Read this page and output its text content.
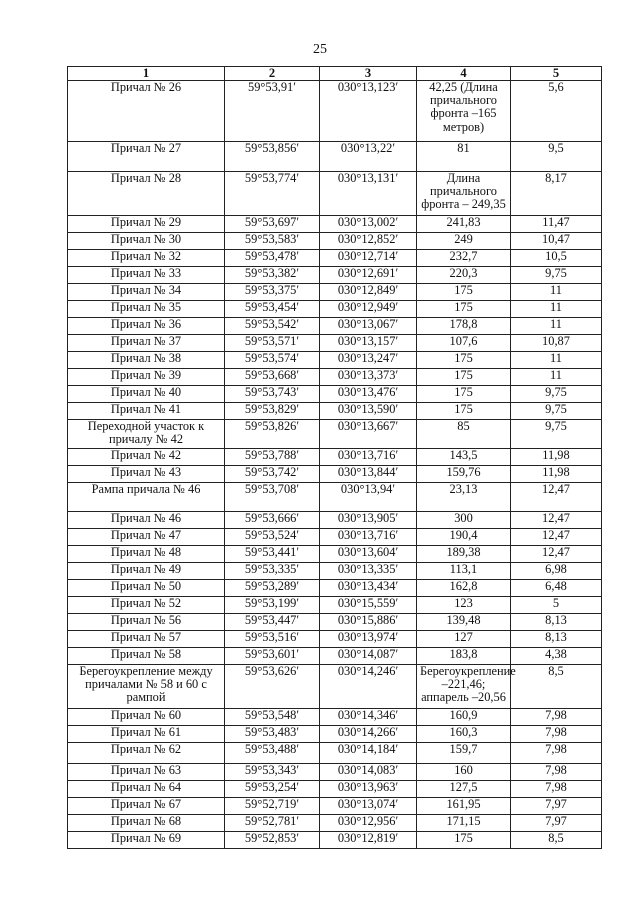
25
1	2	3	4	5
Причал № 26	59°53,91′	030°13,123′	42,25 (Длина причального фронта –165 метров)	5,6
Причал № 27	59°53,856′	030°13,22′	81	9,5
Причал № 28	59°53,774′	030°13,131′	Длина причального фронта – 249,35	8,17
Причал № 29	59°53,697′	030°13,002′	241,83	11,47
Причал № 30	59°53,583′	030°12,852′	249	10,47
Причал № 32	59°53,478′	030°12,714′	232,7	10,5
Причал № 33	59°53,382′	030°12,691′	220,3	9,75
Причал № 34	59°53,375′	030°12,849′	175	11
Причал № 35	59°53,454′	030°12,949′	175	11
Причал № 36	59°53,542′	030°13,067′	178,8	11
Причал № 37	59°53,571′	030°13,157′	107,6	10,87
Причал № 38	59°53,574′	030°13,247′	175	11
Причал № 39	59°53,668′	030°13,373′	175	11
Причал № 40	59°53,743′	030°13,476′	175	9,75
Причал № 41	59°53,829′	030°13,590′	175	9,75
Переходной участок к причалу № 42	59°53,826′	030°13,667′	85	9,75
Причал № 42	59°53,788′	030°13,716′	143,5	11,98
Причал № 43	59°53,742′	030°13,844′	159,76	11,98
Рампа причала № 46	59°53,708′	030°13,94′	23,13	12,47
Причал № 46	59°53,666′	030°13,905′	300	12,47
Причал № 47	59°53,524′	030°13,716′	190,4	12,47
Причал № 48	59°53,441′	030°13,604′	189,38	12,47
Причал № 49	59°53,335′	030°13,335′	113,1	6,98
Причал № 50	59°53,289′	030°13,434′	162,8	6,48
Причал № 52	59°53,199′	030°15,559′	123	5
Причал № 56	59°53,447′	030°15,886′	139,48	8,13
Причал № 57	59°53,516′	030°13,974′	127	8,13
Причал № 58	59°53,601′	030°14,087′	183,8	4,38
Берегоукрепление между причалами № 58 и 60 с рампой	59°53,626′	030°14,246′	Берегоукрепление –221,46; аппарель –20,56	8,5
Причал № 60	59°53,548′	030°14,346′	160,9	7,98
Причал № 61	59°53,483′	030°14,266′	160,3	7,98
Причал № 62	59°53,488′	030°14,184′	159,7	7,98
Причал № 63	59°53,343′	030°14,083′	160	7,98
Причал № 64	59°53,254′	030°13,963′	127,5	7,98
Причал № 67	59°52,719′	030°13,074′	161,95	7,97
Причал № 68	59°52,781′	030°12,956′	171,15	7,97
Причал № 69	59°52,853′	030°12,819′	175	8,5
